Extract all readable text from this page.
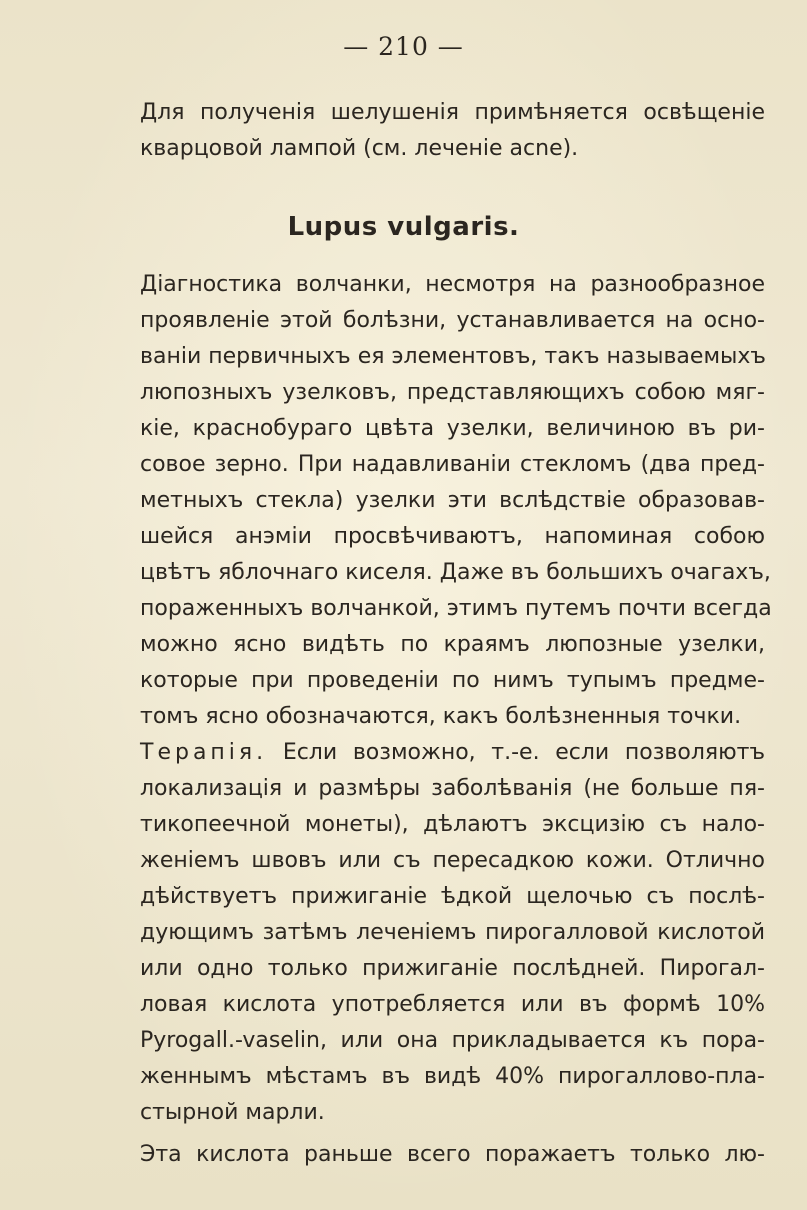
— 210 —
Для полученія шелушенія примѣняется освѣщеніе
кварцовой лампой (см. леченіе acne).
Lupus vulgaris.
Діагностика волчанки, несмотря на разнообразное
проявленіе этой болѣзни, устанавливается на осно-
ваніи первичныхъ ея элементовъ, такъ называемыхъ
люпозныхъ узелковъ, представляющихъ собою мяг-
кіе, краснобураго цвѣта узелки, величиною въ ри-
совое зерно. При надавливаніи стекломъ (два пред-
метныхъ стекла) узелки эти вслѣдствіе образовав-
шейся анэміи просвѣчиваютъ, напоминая собою
цвѣтъ яблочнаго киселя. Даже въ большихъ очагахъ,
пораженныхъ волчанкой, этимъ путемъ почти всегда
можно ясно видѣть по краямъ люпозные узелки,
которые при проведеніи по нимъ тупымъ предме-
томъ ясно обозначаются, какъ болѣзненныя точки.
Терапія. Если возможно, т.-е. если позволяютъ
локализація и размѣры заболѣванія (не больше пя-
тикопеечной монеты), дѣлаютъ эксцизію съ нало-
женіемъ швовъ или съ пересадкою кожи. Отлично
дѣйствуетъ прижиганіе ѣдкой щелочью съ послѣ-
дующимъ затѣмъ леченіемъ пирогалловой кислотой
или одно только прижиганіе послѣдней. Пирогал-
ловая кислота употребляется или въ формѣ 10%
Pyrogall.-vaselin, или она прикладывается къ пора-
женнымъ мѣстамъ въ видѣ 40% пирогаллово-пла-
стырной марли.
Эта кислота раньше всего поражаетъ только лю-
